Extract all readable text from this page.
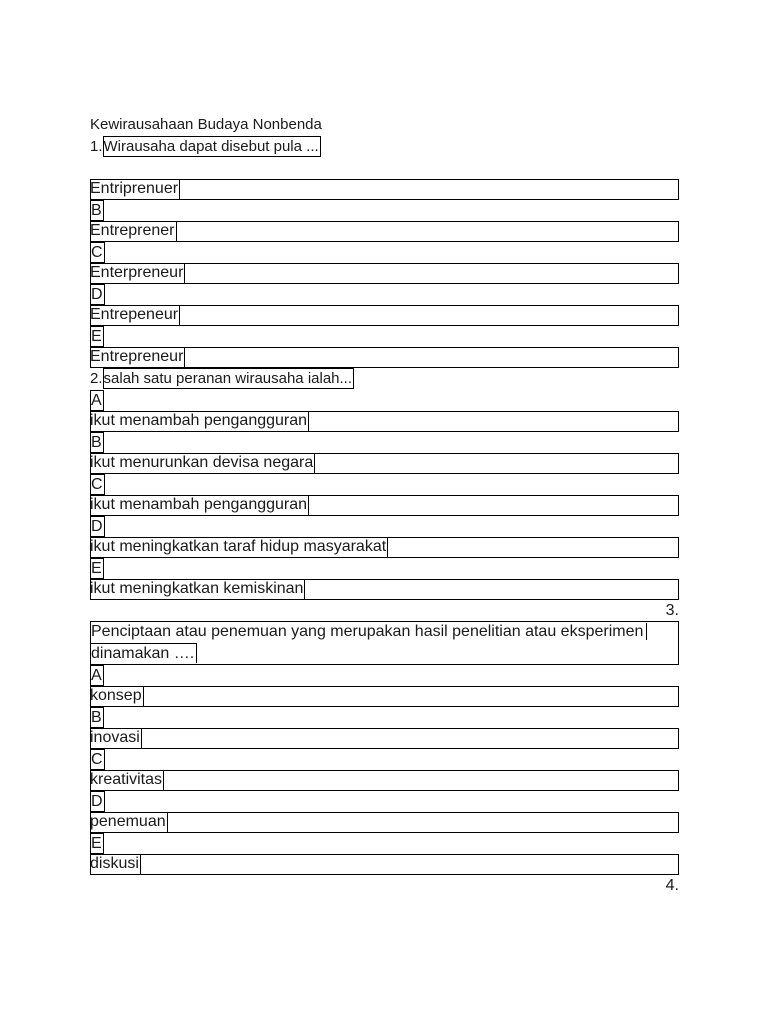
Kewirausahaan Budaya Nonbenda
1.Wirausaha dapat disebut pula ...
Entriprenuer
B
Entreprener
C
Enterpreneur
D
Entrepeneur
E
Entrepreneur
2.salah satu peranan wirausaha ialah...
A
ikut menambah pengangguran
B
ikut menurunkan devisa negara
C
ikut menambah pengangguran
D
ikut meningkatkan taraf hidup masyarakat
E
ikut meningkatkan kemiskinan
3.
Penciptaan atau penemuan yang merupakan hasil penelitian atau eksperimen
dinamakan ….
A
konsep
B
inovasi
C
kreativitas
D
penemuan
E
diskusi
4.
